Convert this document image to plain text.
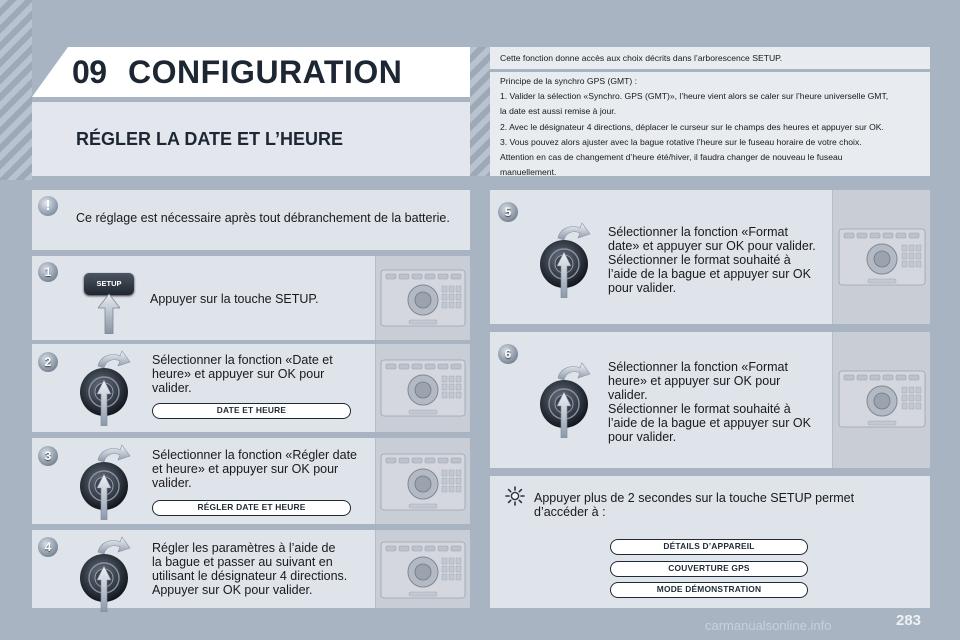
09 CONFIGURATION
RÉGLER LA DATE ET L’HEURE
Cette fonction donne accès aux choix décrits dans l’arborescence SETUP.
Principe de la synchro GPS (GMT) :
1. Valider la sélection «Synchro. GPS (GMT)», l’heure vient alors se caler sur l’heure universelle GMT,
la date est aussi remise à jour.
2. Avec le désignateur 4 directions, déplacer le curseur sur le champs des heures et appuyer sur OK.
3. Vous pouvez alors ajuster avec la bague rotative l’heure sur le fuseau horaire de votre choix.
Attention en cas de changement d’heure été/hiver, il faudra changer de nouveau le fuseau
manuellement.
!
Ce réglage est nécessaire après tout débranchement de la batterie.
1
SETUP
Appuyer sur la touche SETUP.
2	Sélectionner la fonction «Date et
heure» et appuyer sur OK pour
valider.
DATE ET HEURE
3	Sélectionner la fonction «Régler date
et heure» et appuyer sur OK pour
valider.
RÉGLER DATE ET HEURE
4	Régler les paramètres à l’aide de
la bague et passer au suivant en
utilisant le désignateur 4 directions.
Appuyer sur OK pour valider.
5
Sélectionner la fonction «Format
date» et appuyer sur OK pour valider.
Sélectionner le format souhaité à
l’aide de la bague et appuyer sur OK
pour valider.
6
Sélectionner la fonction «Format
heure» et appuyer sur OK pour
valider.
Sélectionner le format souhaité à
l’aide de la bague et appuyer sur OK
pour valider.
Appuyer plus de 2 secondes sur la touche SETUP permet
d’accéder à :
DÉTAILS D’APPAREIL
COUVERTURE GPS
MODE DÉMONSTRATION
283
carmanualsonline.info
